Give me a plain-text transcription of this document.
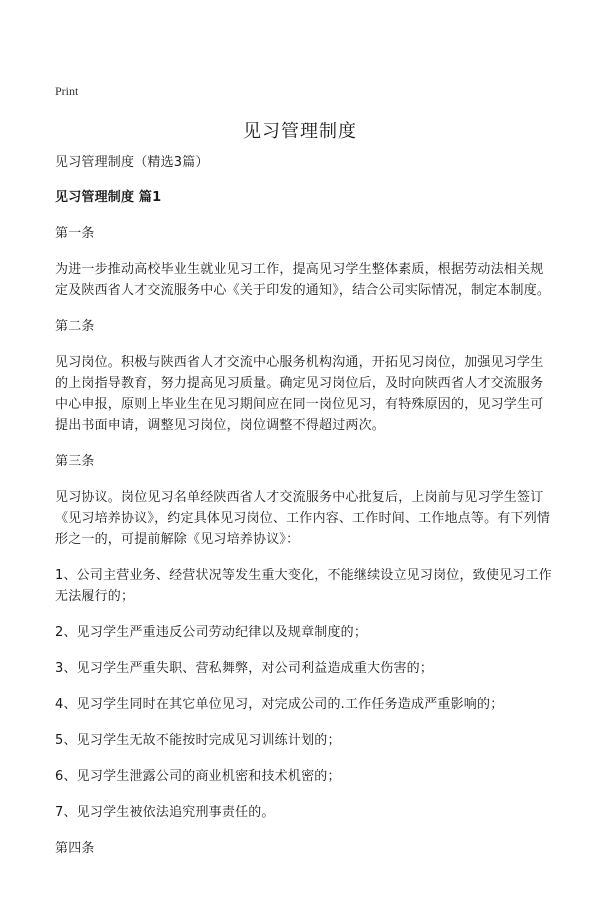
Print
见习管理制度

见习管理制度（精选3篇）

见习管理制度 篇1

第一条

为进一步推动高校毕业生就业见习工作，提高见习学生整体素质，根据劳动法相关规定及陕西省人才交流服务中心《关于印发的通知》，结合公司实际情况，制定本制度。

第二条

见习岗位。积极与陕西省人才交流中心服务机构沟通，开拓见习岗位，加强见习学生的上岗指导教育，努力提高见习质量。确定见习岗位后，及时向陕西省人才交流服务中心申报，原则上毕业生在见习期间应在同一岗位见习，有特殊原因的，见习学生可提出书面申请，调整见习岗位，岗位调整不得超过两次。

第三条

见习协议。岗位见习名单经陕西省人才交流服务中心批复后，上岗前与见习学生签订《见习培养协议》，约定具体见习岗位、工作内容、工作时间、工作地点等。有下列情形之一的，可提前解除《见习培养协议》：

1、公司主营业务、经营状况等发生重大变化，不能继续设立见习岗位，致使见习工作无法履行的；

2、见习学生严重违反公司劳动纪律以及规章制度的；

3、见习学生严重失职、营私舞弊，对公司利益造成重大伤害的；

4、见习学生同时在其它单位见习，对完成公司的.工作任务造成严重影响的；

5、见习学生无故不能按时完成见习训练计划的；

6、见习学生泄露公司的商业机密和技术机密的；

7、见习学生被依法追究刑事责任的。

第四条
